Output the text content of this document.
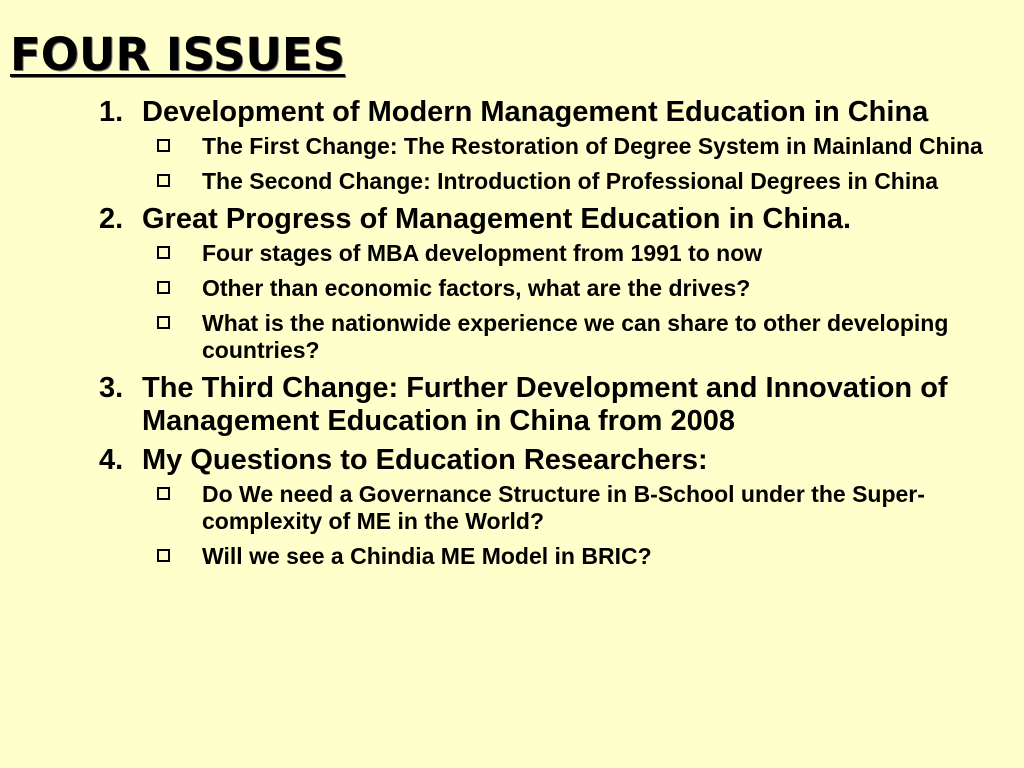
FOUR ISSUES
1. Development of Modern Management Education in China
The First Change: The Restoration of Degree System in Mainland China
The Second Change: Introduction of Professional Degrees in China
2. Great Progress of Management Education in China.
Four stages of MBA development from 1991 to now
Other than economic factors, what are the drives?
What is the nationwide experience we can share to other developing countries?
3. The Third Change: Further Development and Innovation of Management Education in China from 2008
4. My Questions to Education Researchers:
Do We need a Governance Structure in B-School under the Super-complexity of ME in the World?
Will we see a Chindia ME Model in BRIC?
